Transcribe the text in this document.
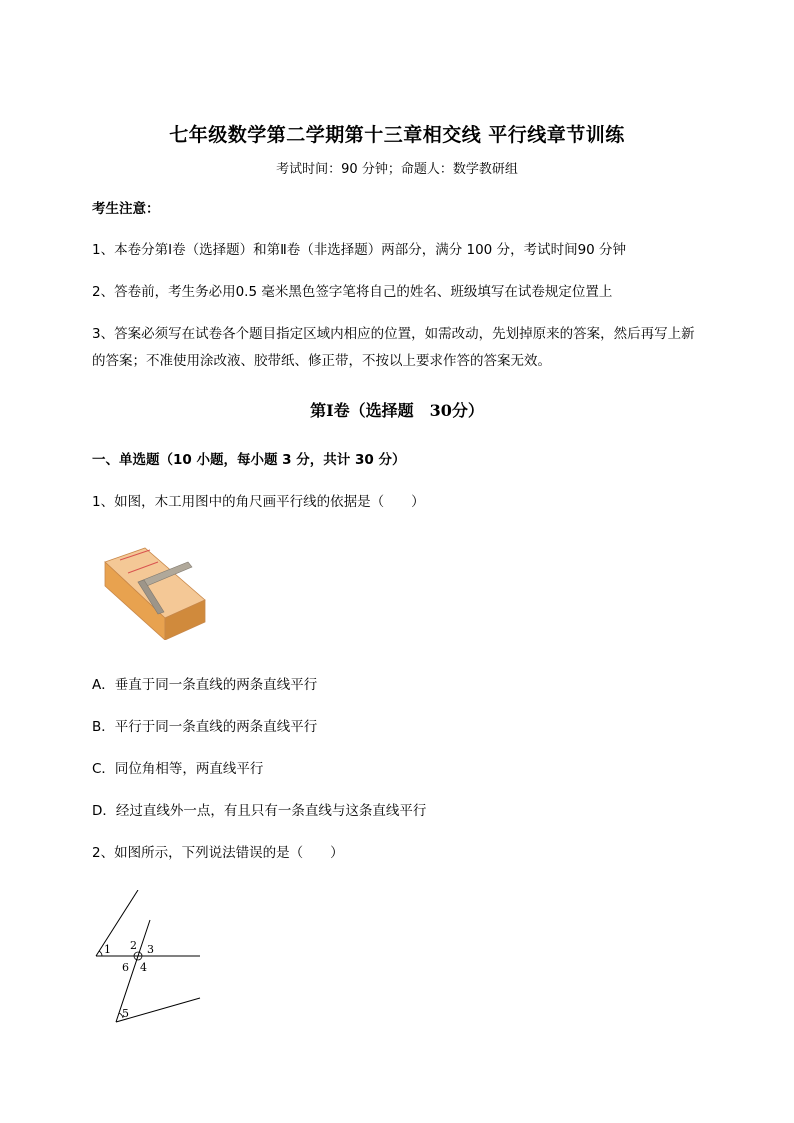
七年级数学第二学期第十三章相交线 平行线章节训练
考试时间：90 分钟；命题人：数学教研组
考生注意：
1、本卷分第Ⅰ卷（选择题）和第Ⅱ卷（非选择题）两部分，满分 100 分，考试时间90 分钟
2、答卷前，考生务必用0.5 毫米黑色签字笔将自己的姓名、班级填写在试卷规定位置上
3、答案必须写在试卷各个题目指定区域内相应的位置，如需改动，先划掉原来的答案，然后再写上新
的答案；不准使用涂改液、胶带纸、修正带，不按以上要求作答的答案无效。
第Ⅰ卷（选择题　30分）
一、单选题（10 小题，每小题 3 分，共计 30 分）
1、如图，木工用图中的角尺画平行线的依据是（　　）
A．垂直于同一条直线的两条直线平行
B．平行于同一条直线的两条直线平行
C．同位角相等，两直线平行
D．经过直线外一点，有且只有一条直线与这条直线平行
2、如图所示，下列说法错误的是（　　）
1 2 3
6 4
5
